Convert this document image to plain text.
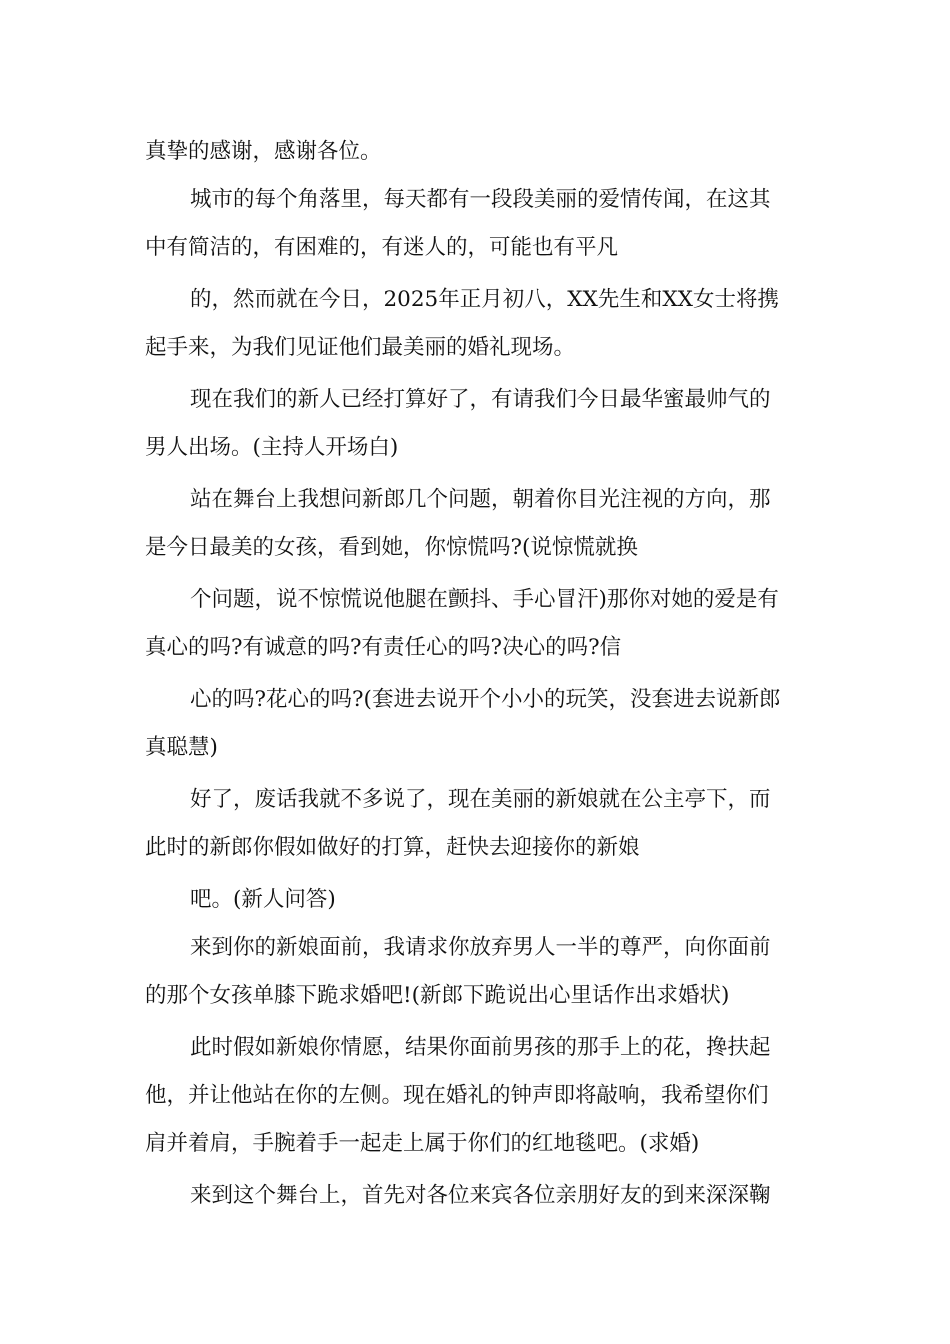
真挚的感谢，感谢各位。
城市的每个角落里，每天都有一段段美丽的爱情传闻，在这其
中有简洁的，有困难的，有迷人的，可能也有平凡
的，然而就在今日，2025年正月初八，XX先生和XX女士将携
起手来，为我们见证他们最美丽的婚礼现场。
现在我们的新人已经打算好了，有请我们今日最华蜜最帅气的
男人出场。(主持人开场白)
站在舞台上我想问新郎几个问题，朝着你目光注视的方向，那
是今日最美的女孩，看到她，你惊慌吗?(说惊慌就换
个问题，说不惊慌说他腿在颤抖、手心冒汗)那你对她的爱是有
真心的吗?有诚意的吗?有责任心的吗?决心的吗?信
心的吗?花心的吗?(套进去说开个小小的玩笑，没套进去说新郎
真聪慧)
好了，废话我就不多说了，现在美丽的新娘就在公主亭下，而
此时的新郎你假如做好的打算，赶快去迎接你的新娘
吧。(新人问答)
来到你的新娘面前，我请求你放弃男人一半的尊严，向你面前
的那个女孩单膝下跪求婚吧!(新郎下跪说出心里话作出求婚状)
此时假如新娘你情愿，结果你面前男孩的那手上的花，搀扶起
他，并让他站在你的左侧。现在婚礼的钟声即将敲响，我希望你们
肩并着肩，手腕着手一起走上属于你们的红地毯吧。(求婚)
来到这个舞台上，首先对各位来宾各位亲朋好友的到来深深鞠
